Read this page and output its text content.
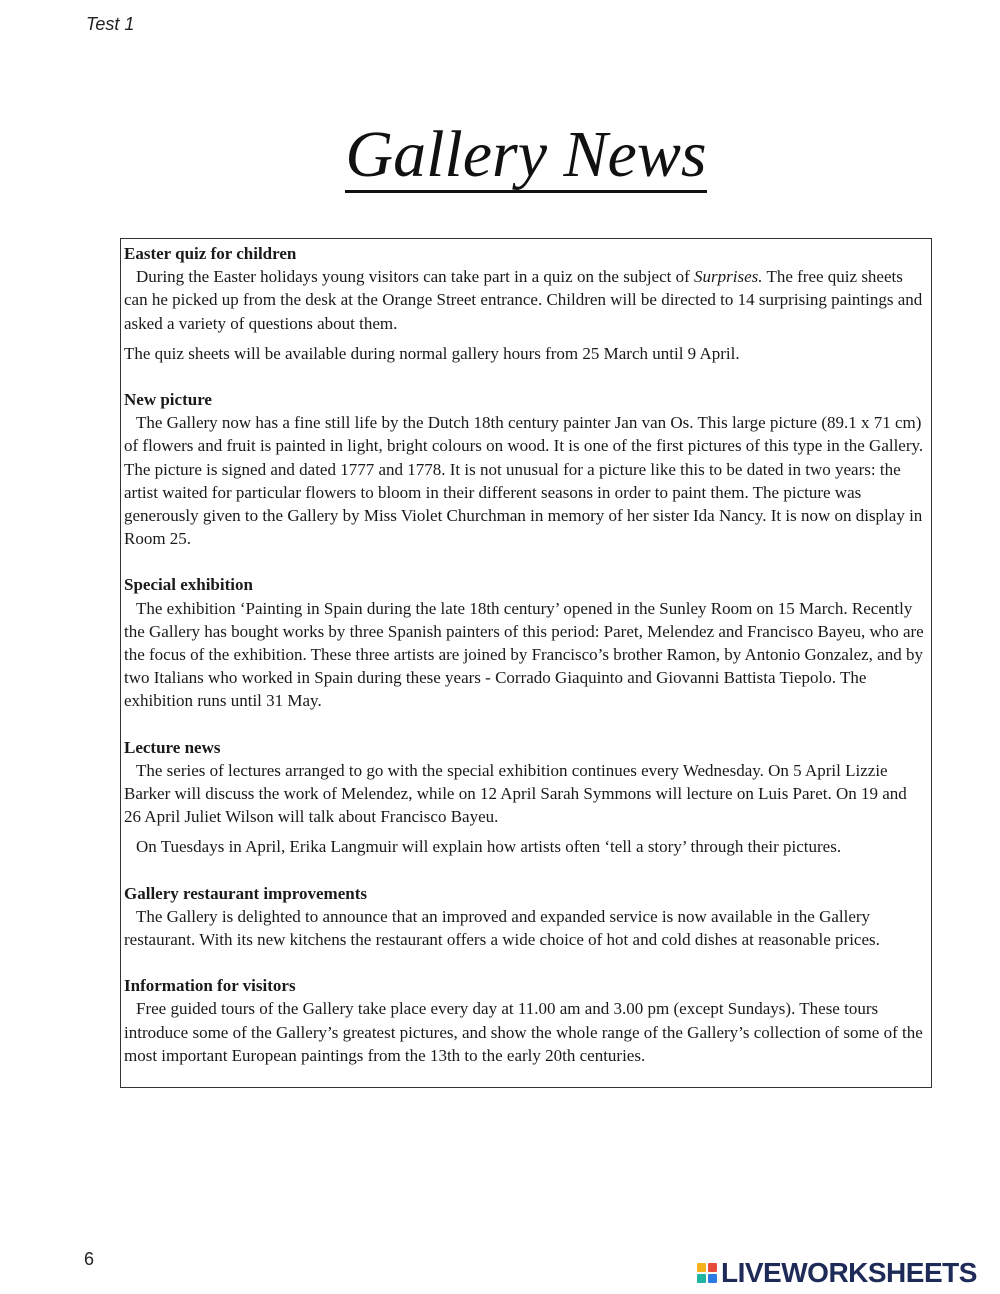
Test 1
Gallery News
Easter quiz for children

During the Easter holidays young visitors can take part in a quiz on the subject of Surprises. The free quiz sheets can he picked up from the desk at the Orange Street entrance. Children will be directed to 14 surprising paintings and asked a variety of questions about them.

The quiz sheets will be available during normal gallery hours from 25 March until 9 April.

New picture

The Gallery now has a fine still life by the Dutch 18th century painter Jan van Os. This large picture (89.1 x 71 cm) of flowers and fruit is painted in light, bright colours on wood. It is one of the first pictures of this type in the Gallery. The picture is signed and dated 1777 and 1778. It is not unusual for a picture like this to be dated in two years: the artist waited for particular flowers to bloom in their different seasons in order to paint them. The picture was generously given to the Gallery by Miss Violet Churchman in memory of her sister Ida Nancy. It is now on display in Room 25.

Special exhibition

The exhibition ‘Painting in Spain during the late 18th century’ opened in the Sunley Room on 15 March. Recently the Gallery has bought works by three Spanish painters of this period: Paret, Melendez and Francisco Bayeu, who are the focus of the exhibition. These three artists are joined by Francisco’s brother Ramon, by Antonio Gonzalez, and by two Italians who worked in Spain during these years - Corrado Giaquinto and Giovanni Battista Tiepolo. The exhibition runs until 31 May.

Lecture news

The series of lectures arranged to go with the special exhibition continues every Wednesday. On 5 April Lizzie Barker will discuss the work of Melendez, while on 12 April Sarah Symmons will lecture on Luis Paret. On 19 and 26 April Juliet Wilson will talk about Francisco Bayeu.

On Tuesdays in April, Erika Langmuir will explain how artists often ‘tell a story’ through their pictures.

Gallery restaurant improvements

The Gallery is delighted to announce that an improved and expanded service is now available in the Gallery restaurant. With its new kitchens the restaurant offers a wide choice of hot and cold dishes at reasonable prices.

Information for visitors

Free guided tours of the Gallery take place every day at 11.00 am and 3.00 pm (except Sundays). These tours introduce some of the Gallery’s greatest pictures, and show the whole range of the Gallery’s collection of some of the most important European paintings from the 13th to the early 20th centuries.

6	LIVEWORKSHEETS
